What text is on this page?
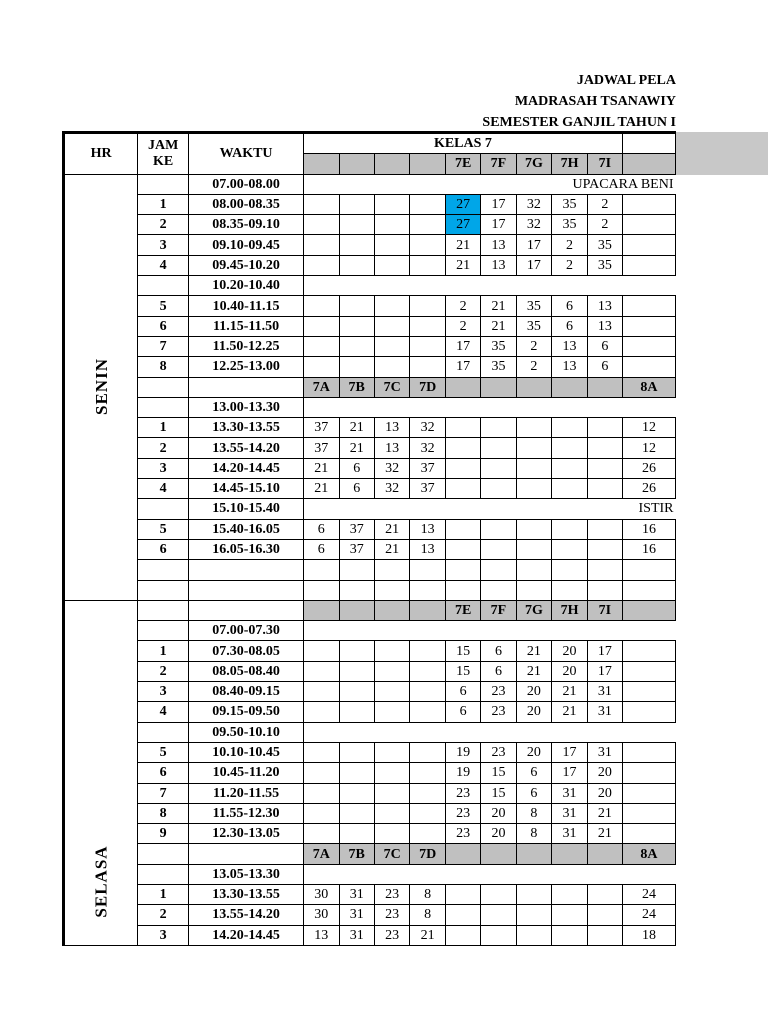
JADWAL PELA
MADRASAH TSANAWIY
SEMESTER GANJIL TAHUN I
HR	JAM
KE	WAKTU	KELAS 7									
							7E	7F	7G	7H	7I	
SENIN		07.00-08.00	UPACARA BENI									
	1	08.00-08.35					27	17	32	35	2	
	2	08.35-09.10					27	17	32	35	2	
	3	09.10-09.45					21	13	17	2	35	
	4	09.45-10.20					21	13	17	2	35	
		10.20-10.40										
	5	10.40-11.15					2	21	35	6	13	
	6	11.15-11.50					2	21	35	6	13	
	7	11.50-12.25					17	35	2	13	6	
	8	12.25-13.00					17	35	2	13	6	
			7A	7B	7C	7D						8A
		13.00-13.30										
	1	13.30-13.55	37	21	13	32						12
	2	13.55-14.20	37	21	13	32						12
	3	14.20-14.45	21	6	32	37						26
	4	14.45-15.10	21	6	32	37						26
		15.10-15.40	ISTIR									
	5	15.40-16.05	6	37	21	13						16
	6	16.05-16.30	6	37	21	13						16

SELASA							7E	7F	7G	7H	7I	
		07.00-07.30										
	1	07.30-08.05					15	6	21	20	17	
	2	08.05-08.40					15	6	21	20	17	
	3	08.40-09.15					6	23	20	21	31	
	4	09.15-09.50					6	23	20	21	31	
		09.50-10.10										
	5	10.10-10.45					19	23	20	17	31	
	6	10.45-11.20					19	15	6	17	20	
	7	11.20-11.55					23	15	6	31	20	
	8	11.55-12.30					23	20	8	31	21	
	9	12.30-13.05					23	20	8	31	21	
			7A	7B	7C	7D						8A
		13.05-13.30										
	1	13.30-13.55	30	31	23	8						24
	2	13.55-14.20	30	31	23	8						24
	3	14.20-14.45	13	31	23	21						18
